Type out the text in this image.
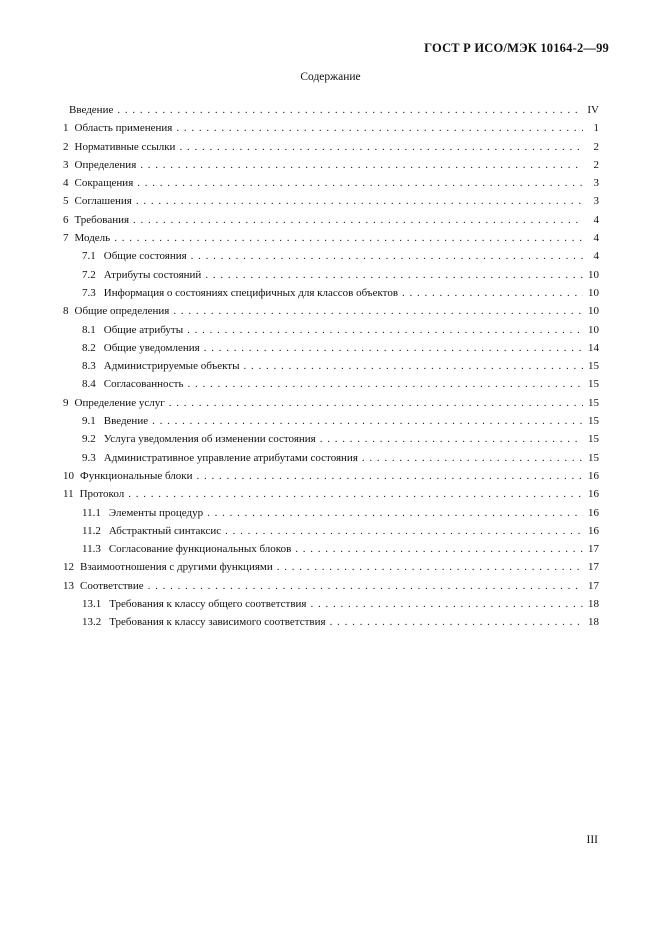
ГОСТ Р ИСО/МЭК 10164-2—99
Содержание
Введение . . .	IV
1 Область применения . . .	1
2 Нормативные ссылки . . .	2
3 Определения . . .	2
4 Сокращения . . .	3
5 Соглашения . . .	3
6 Требования . . .	4
7 Модель . . .	4
7.1 Общие состояния . . .	4
7.2 Атрибуты состояний . . .	10
7.3 Информация о состояниях специфичных для классов объектов . . .	10
8 Общие определения . . .	10
8.1 Общие атрибуты . . .	10
8.2 Общие уведомления . . .	14
8.3 Администрируемые объекты . . .	15
8.4 Согласованность . . .	15
9 Определение услуг . . .	15
9.1 Введение . . .	15
9.2 Услуга уведомления об изменении состояния . . .	15
9.3 Административное управление атрибутами состояния . . .	15
10 Функциональные блоки . . .	16
11 Протокол . . .	16
11.1 Элементы процедур . . .	16
11.2 Абстрактный синтаксис . . .	16
11.3 Согласование функциональных блоков . . .	17
12 Взаимоотношения с другими функциями . . .	17
13 Соответствие . . .	17
13.1 Требования к классу общего соответствия . . .	18
13.2 Требования к классу зависимого соответствия . . .	18
III
